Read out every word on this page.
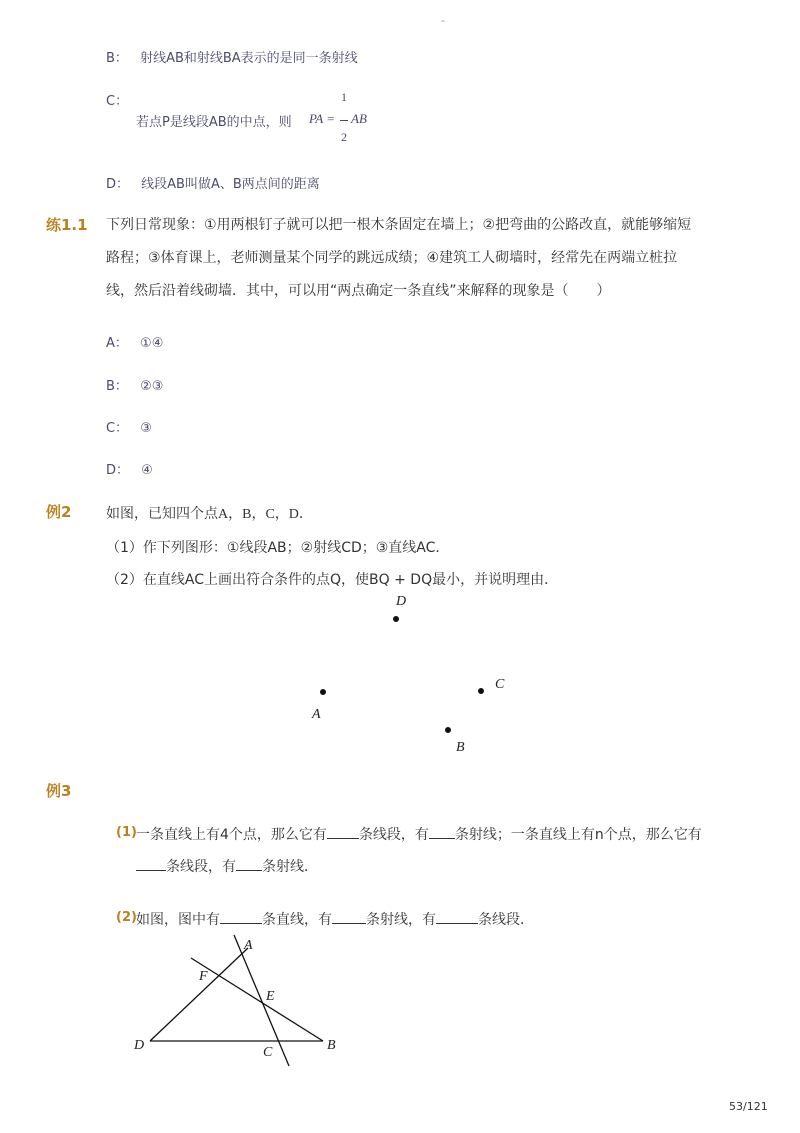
-
B： 射线AB和射线BA表示的是同一条射线
C：
若点P是线段AB的中点，则 PA =
1
2
AB
D： 线段AB叫做A、B两点间的距离
练1.1 下列日常现象：①用两根钉子就可以把一根木条固定在墙上；②把弯曲的公路改直，就能够缩短
路程；③体育课上，老师测量某个同学的跳远成绩；④建筑工人砌墙时，经常先在两端立桩拉
线，然后沿着线砌墙．其中，可以用“两点确定一条直线”来解释的现象是（　　）
A： ①④
B： ②③
C： ③
D： ④
例2 如图，已知四个点A，B，C，D．
（1）作下列图形：①线段AB；②射线CD；③直线AC．
（2）在直线AC上画出符合条件的点Q，使BQ + DQ最小，并说明理由．
D
C
A
B
例3
(1) 一条直线上有4个点，那么它有 条线段，有 条射线；一条直线上有n个点，那么它有
条线段，有 条射线．
(2) 如图，图中有	条直线，有 条射线，有	条线段．
A
F
E
D	C	B
53/121
